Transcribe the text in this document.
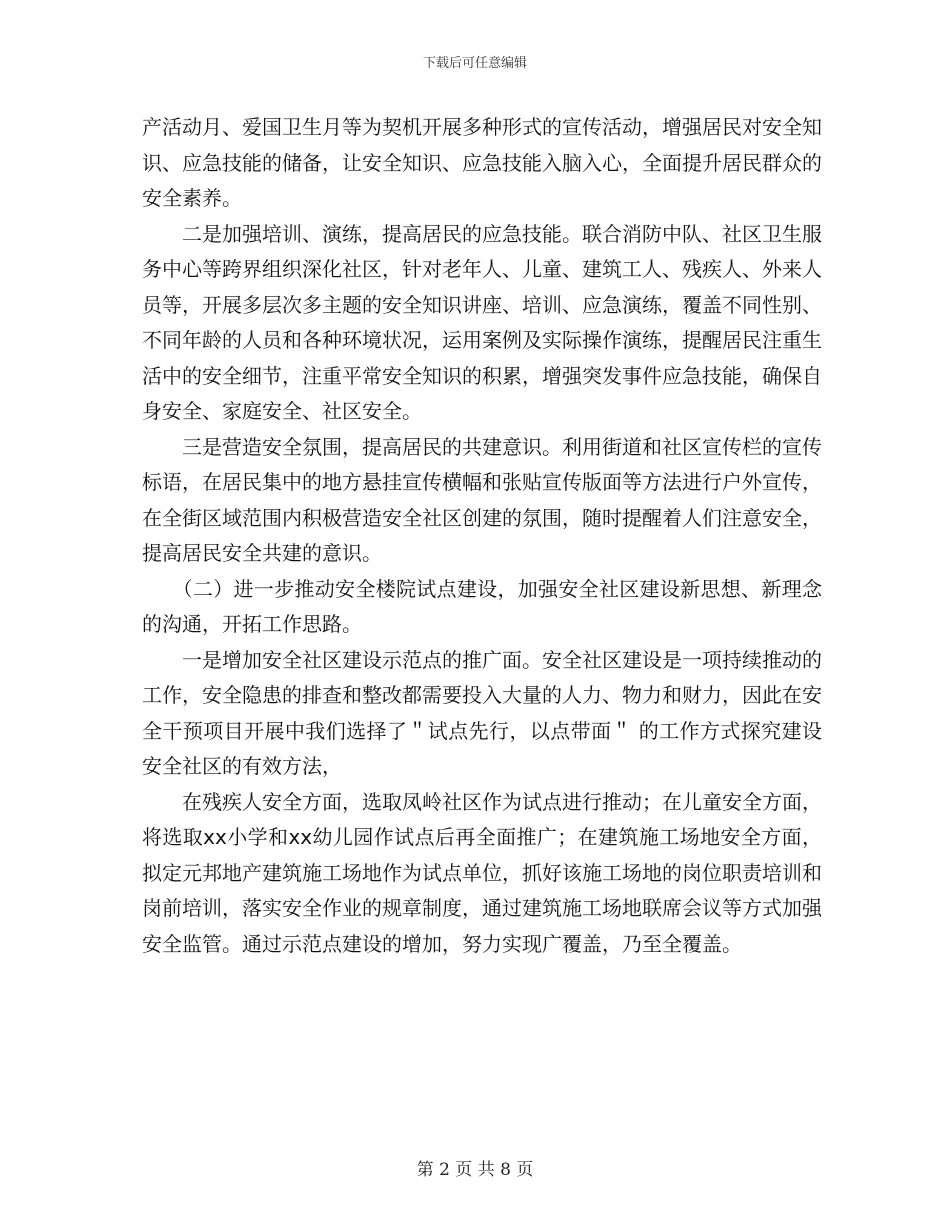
下载后可任意编辑

产活动月、爱国卫生月等为契机开展多种形式的宣传活动，增强居民对安全知识、应急技能的储备，让安全知识、应急技能入脑入心，全面提升居民群众的安全素养。

　　二是加强培训、演练，提高居民的应急技能。联合消防中队、社区卫生服务中心等跨界组织深化社区，针对老年人、儿童、建筑工人、残疾人、外来人员等，开展多层次多主题的安全知识讲座、培训、应急演练，覆盖不同性别、不同年龄的人员和各种环境状况，运用案例及实际操作演练，提醒居民注重生活中的安全细节，注重平常安全知识的积累，增强突发事件应急技能，确保自身安全、家庭安全、社区安全。

　　三是营造安全氛围，提高居民的共建意识。利用街道和社区宣传栏的宣传标语，在居民集中的地方悬挂宣传横幅和张贴宣传版面等方法进行户外宣传，在全街区域范围内积极营造安全社区创建的氛围，随时提醒着人们注意安全，提高居民安全共建的意识。

　　（二）进一步推动安全楼院试点建设，加强安全社区建设新思想、新理念的沟通，开拓工作思路。

　　一是增加安全社区建设示范点的推广面。安全社区建设是一项持续推动的工作，安全隐患的排查和整改都需要投入大量的人力、物力和财力，因此在安全干预项目开展中我们选择了＂试点先行，以点带面＂ 的工作方式探究建设安全社区的有效方法，

　　在残疾人安全方面，选取凤岭社区作为试点进行推动；在儿童安全方面，将选取xx小学和xx幼儿园作试点后再全面推广；在建筑施工场地安全方面，拟定元邦地产建筑施工场地作为试点单位，抓好该施工场地的岗位职责培训和岗前培训，落实安全作业的规章制度，通过建筑施工场地联席会议等方式加强安全监管。通过示范点建设的增加，努力实现广覆盖，乃至全覆盖。

第 2 页 共 8 页
